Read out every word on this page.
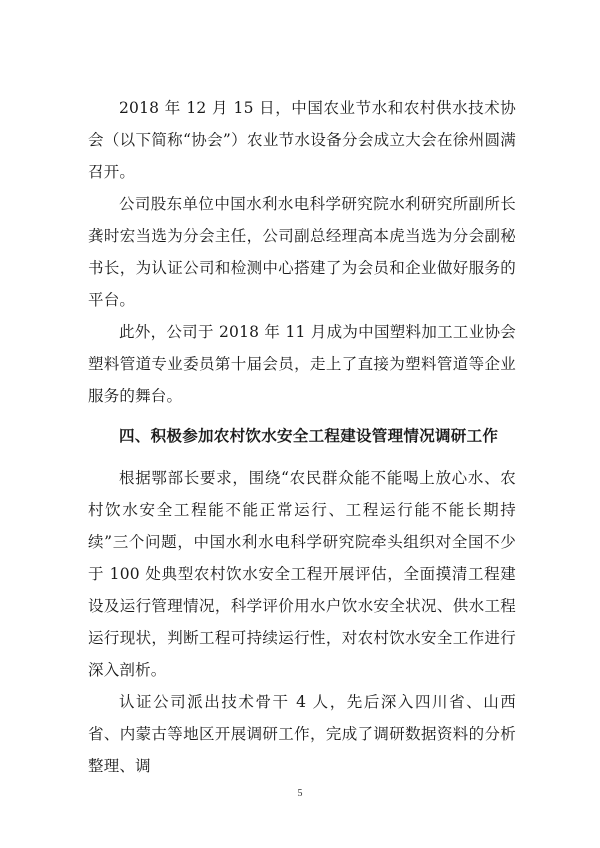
2018 年 12 月 15 日，中国农业节水和农村供水技术协会（以下简称“协会”）农业节水设备分会成立大会在徐州圆满召开。

公司股东单位中国水利水电科学研究院水利研究所副所长龚时宏当选为分会主任，公司副总经理高本虎当选为分会副秘书长，为认证公司和检测中心搭建了为会员和企业做好服务的平台。

此外，公司于 2018 年 11 月成为中国塑料加工工业协会塑料管道专业委员第十届会员，走上了直接为塑料管道等企业服务的舞台。

四、积极参加农村饮水安全工程建设管理情况调研工作

根据鄂部长要求，围绕“农民群众能不能喝上放心水、农村饮水安全工程能不能正常运行、工程运行能不能长期持续”三个问题，中国水利水电科学研究院牵头组织对全国不少于 100 处典型农村饮水安全工程开展评估，全面摸清工程建设及运行管理情况，科学评价用水户饮水安全状况、供水工程运行现状，判断工程可持续运行性，对农村饮水安全工作进行深入剖析。

认证公司派出技术骨干 4 人，先后深入四川省、山西省、内蒙古等地区开展调研工作，完成了调研数据资料的分析整理、调

5
